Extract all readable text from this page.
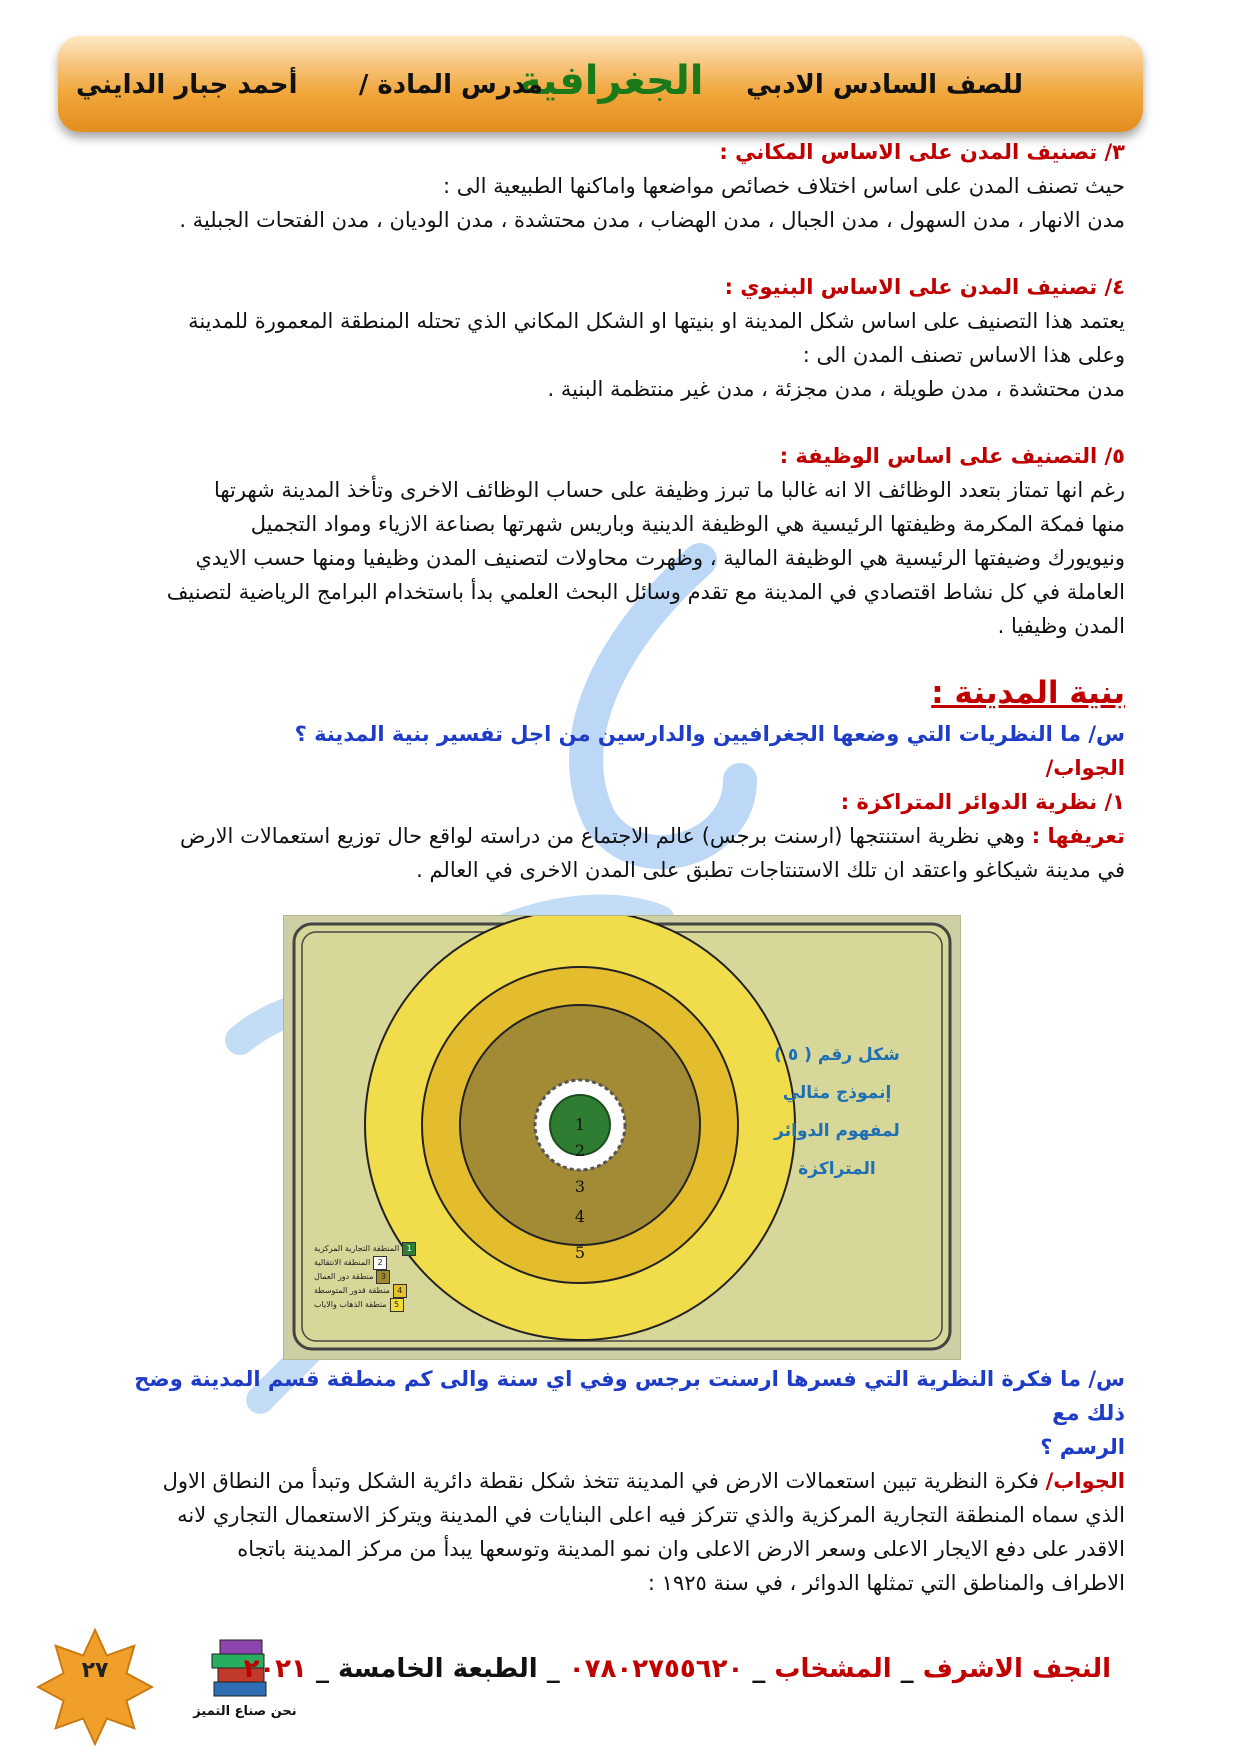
للصف السادس الادبي
الجغرافية
مدرس المادة /
أحمد جبار الدايني

٣/ تصنيف المدن على الاساس المكاني :

حيث تصنف المدن على اساس اختلاف خصائص مواضعها واماكنها الطبيعية الى :

مدن الانهار ، مدن السهول ، مدن الجبال ، مدن الهضاب ، مدن محتشدة ، مدن الوديان ، مدن الفتحات الجبلية .

٤/ تصنيف المدن على الاساس البنيوي :

يعتمد هذا التصنيف على اساس شكل المدينة او بنيتها او الشكل المكاني الذي تحتله المنطقة المعمورة للمدينة

وعلى هذا الاساس تصنف المدن الى :

مدن محتشدة ، مدن طويلة ، مدن مجزئة ، مدن غير منتظمة البنية .

٥/ التصنيف على اساس الوظيفة :

رغم انها تمتاز بتعدد الوظائف الا انه غالبا ما تبرز وظيفة على حساب الوظائف الاخرى وتأخذ المدينة شهرتها

منها فمكة المكرمة وظيفتها الرئيسية هي الوظيفة الدينية وباريس شهرتها بصناعة الازياء ومواد التجميل

ونيويورك وضيفتها الرئيسية هي الوظيفة المالية ، وظهرت محاولات لتصنيف المدن وظيفيا ومنها حسب الايدي

العاملة في كل نشاط اقتصادي في المدينة مع تقدم وسائل البحث العلمي بدأ باستخدام البرامج الرياضية لتصنيف

المدن وظيفيا .

بنية المدينة :

س/ ما النظريات التي وضعها الجغرافيين والدارسين من اجل تفسير بنية المدينة ؟

الجواب/

١/ نظرية الدوائر المتراكزة :

تعريفها : وهي نظرية استنتجها (ارسنت برجس) عالم الاجتماع من دراسته لواقع حال توزيع استعمالات الارض

في مدينة شيكاغو واعتقد ان تلك الاستنتاجات تطبق على المدن الاخرى في العالم .

1
2
3
4
5
شكل رقم ( ٥ )
إنموذج مثالي
لمفهوم الدوائر
المتراكزة
1
المنطقة التجارية المركزية
2
المنطقة الانتقالية
3
منطقة دور العمال
4
منطقة قدور المتوسطة
5
منطقة الذهاب والاياب

س/ ما فكرة النظرية التي فسرها ارسنت برجس وفي اي سنة والى كم منطقة قسم المدينة وضح ذلك مع

الرسم ؟

الجواب/ فكرة النظرية تبين استعمالات الارض في المدينة تتخذ شكل نقطة دائرية الشكل وتبدأ من النطاق الاول

الذي سماه المنطقة التجارية المركزية والذي تتركز فيه اعلى البنايات في المدينة ويتركز الاستعمال التجاري لانه

الاقدر على دفع الايجار الاعلى وسعر الارض الاعلى وان نمو المدينة وتوسعها يبدأ من مركز المدينة باتجاه

الاطراف والمناطق التي تمثلها الدوائر ، في سنة ١٩٢٥ :

٢٧
نحن صناع التميز
النجف الاشرف _ المشخاب _ ٠٧٨٠٢٧٥٥٦٢٠ _ الطبعة الخامسة _ ٢٠٢١
